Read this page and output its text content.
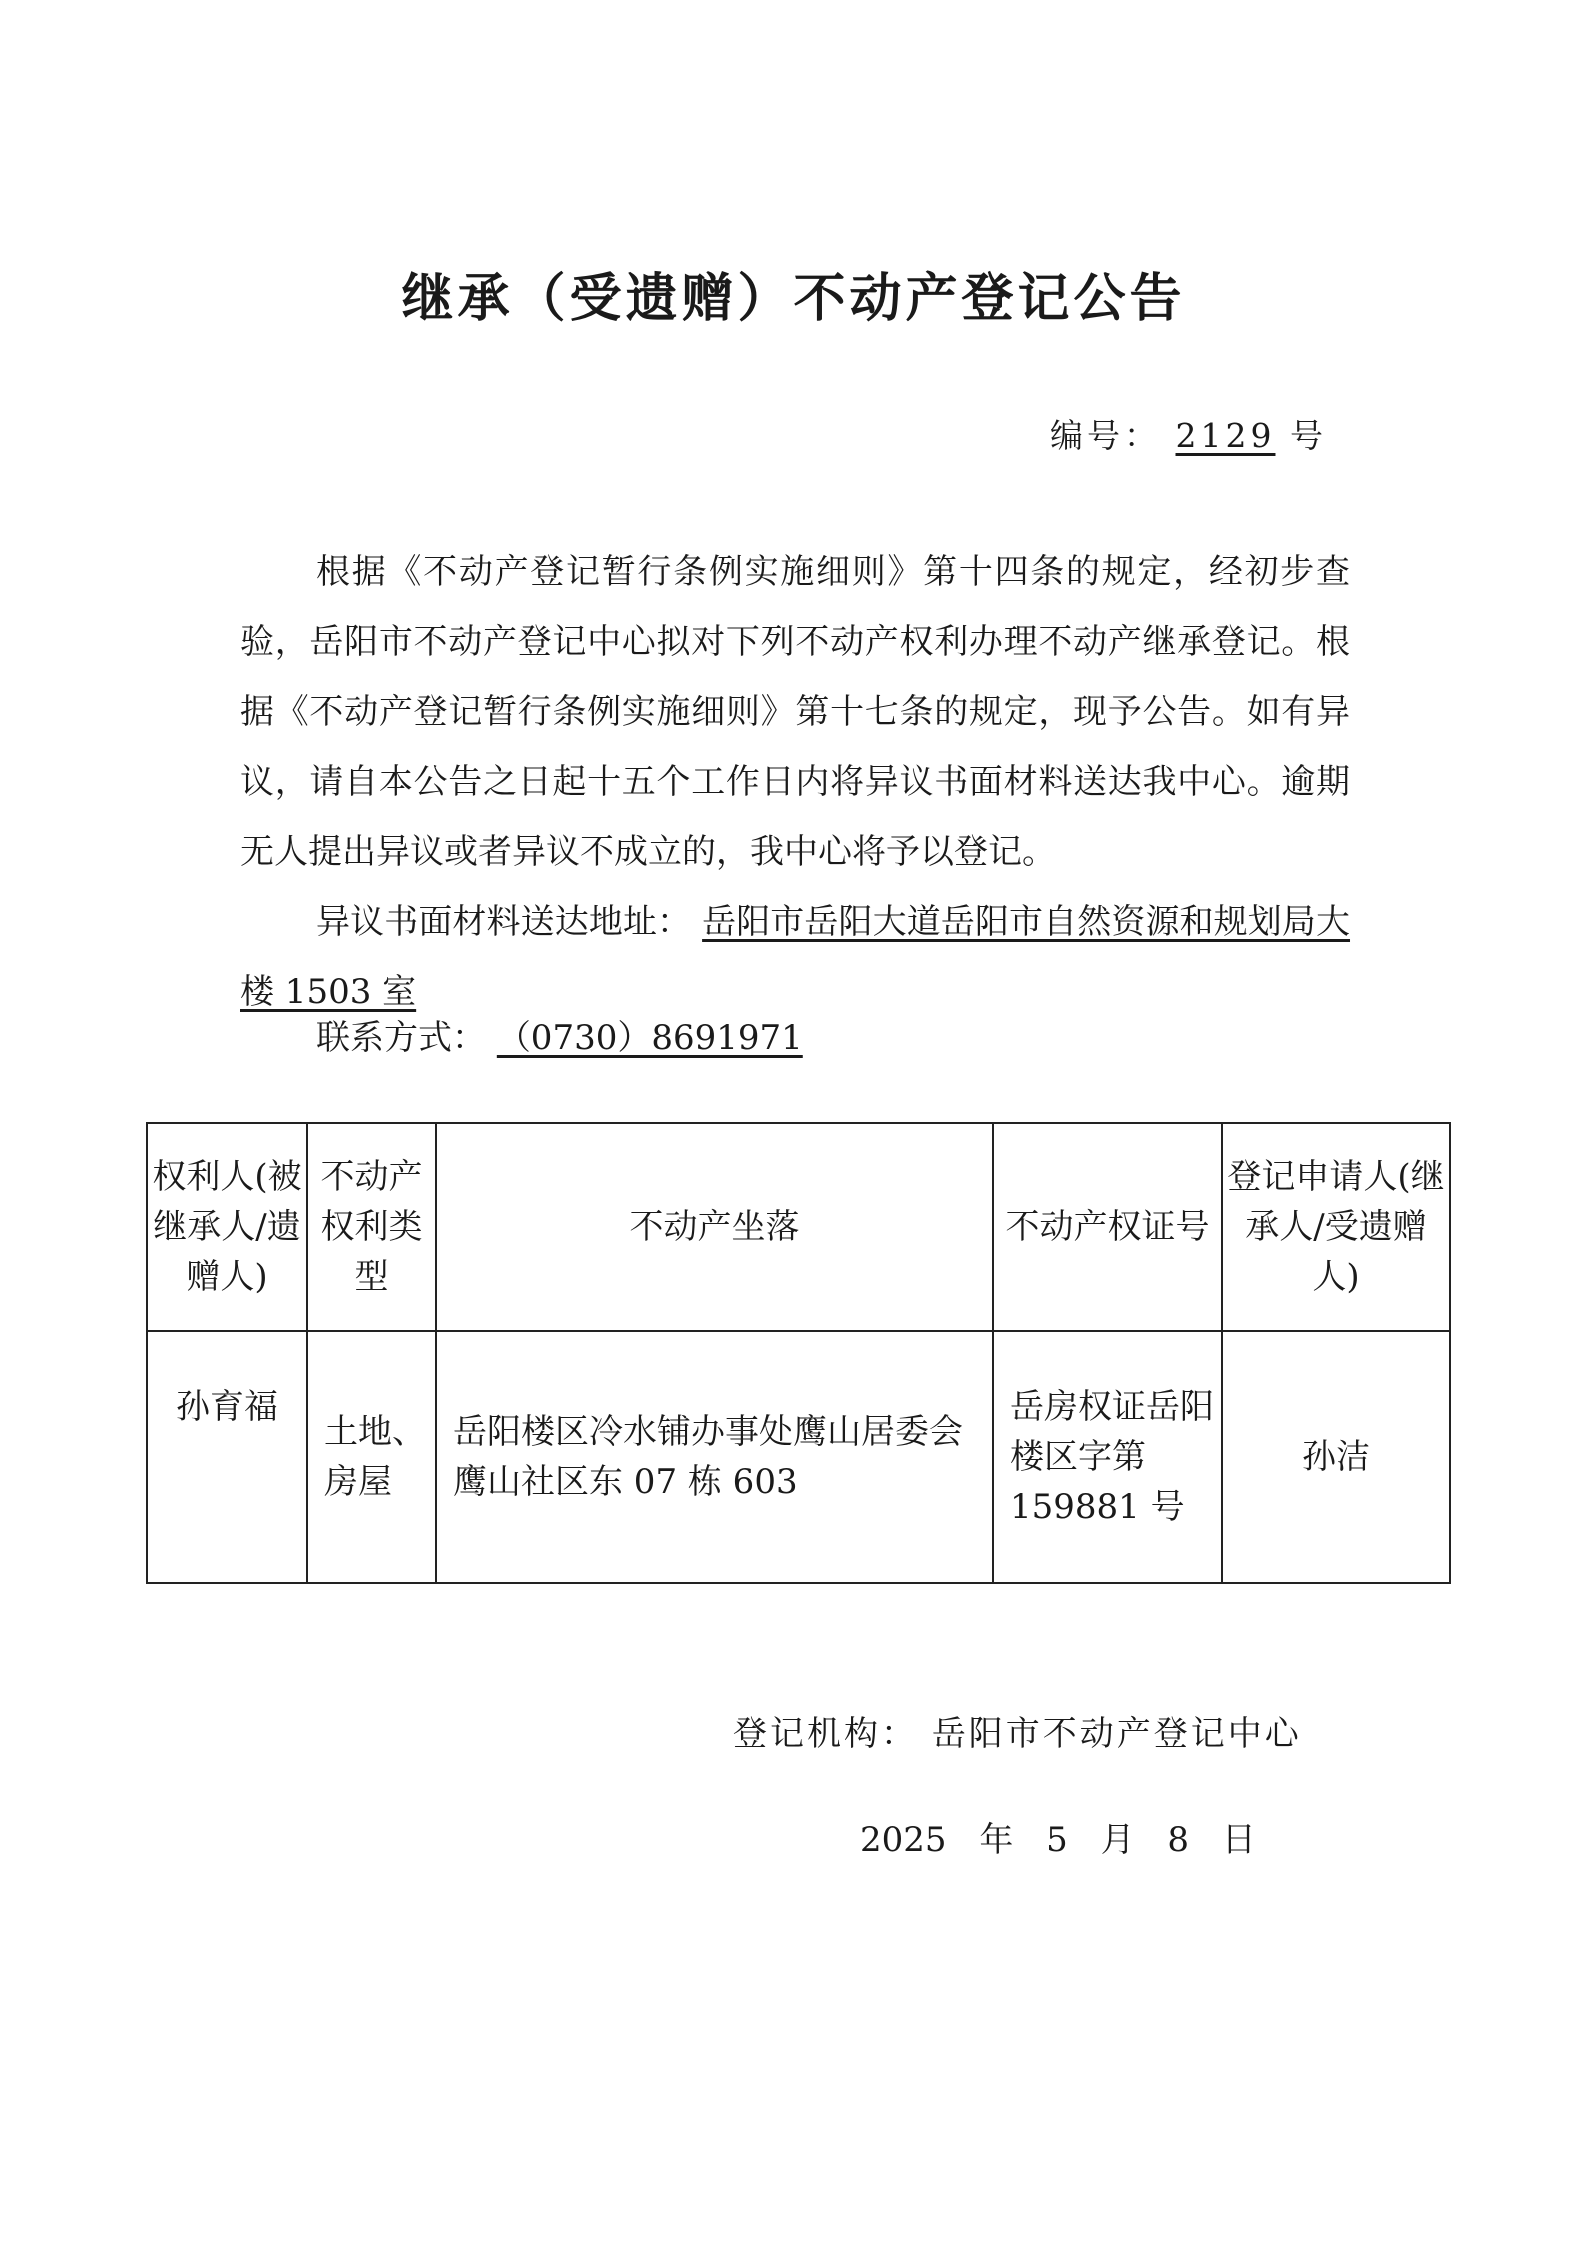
继承（受遗赠）不动产登记公告
编号： 2129 号

根据《不动产登记暂行条例实施细则》第十四条的规定，经初步查验，岳阳市不动产登记中心拟对下列不动产权利办理不动产继承登记。根据《不动产登记暂行条例实施细则》第十七条的规定，现予公告。如有异议，请自本公告之日起十五个工作日内将异议书面材料送达我中心。逾期无人提出异议或者异议不成立的，我中心将予以登记。

异议书面材料送达地址： 岳阳市岳阳大道岳阳市自然资源和规划局大楼 1503 室

联系方式： （0730）8691971
权利人(被继承人/遗赠人)	不动产权利类型	不动产坐落	不动产权证号	登记申请人(继承人/受遗赠人)
孙育福	土地、房屋	岳阳楼区冷水铺办事处鹰山居委会鹰山社区东 07 栋 603	岳房权证岳阳楼区字第 159881 号	孙洁
登记机构： 岳阳市不动产登记中心
2025 年 5 月 8 日
